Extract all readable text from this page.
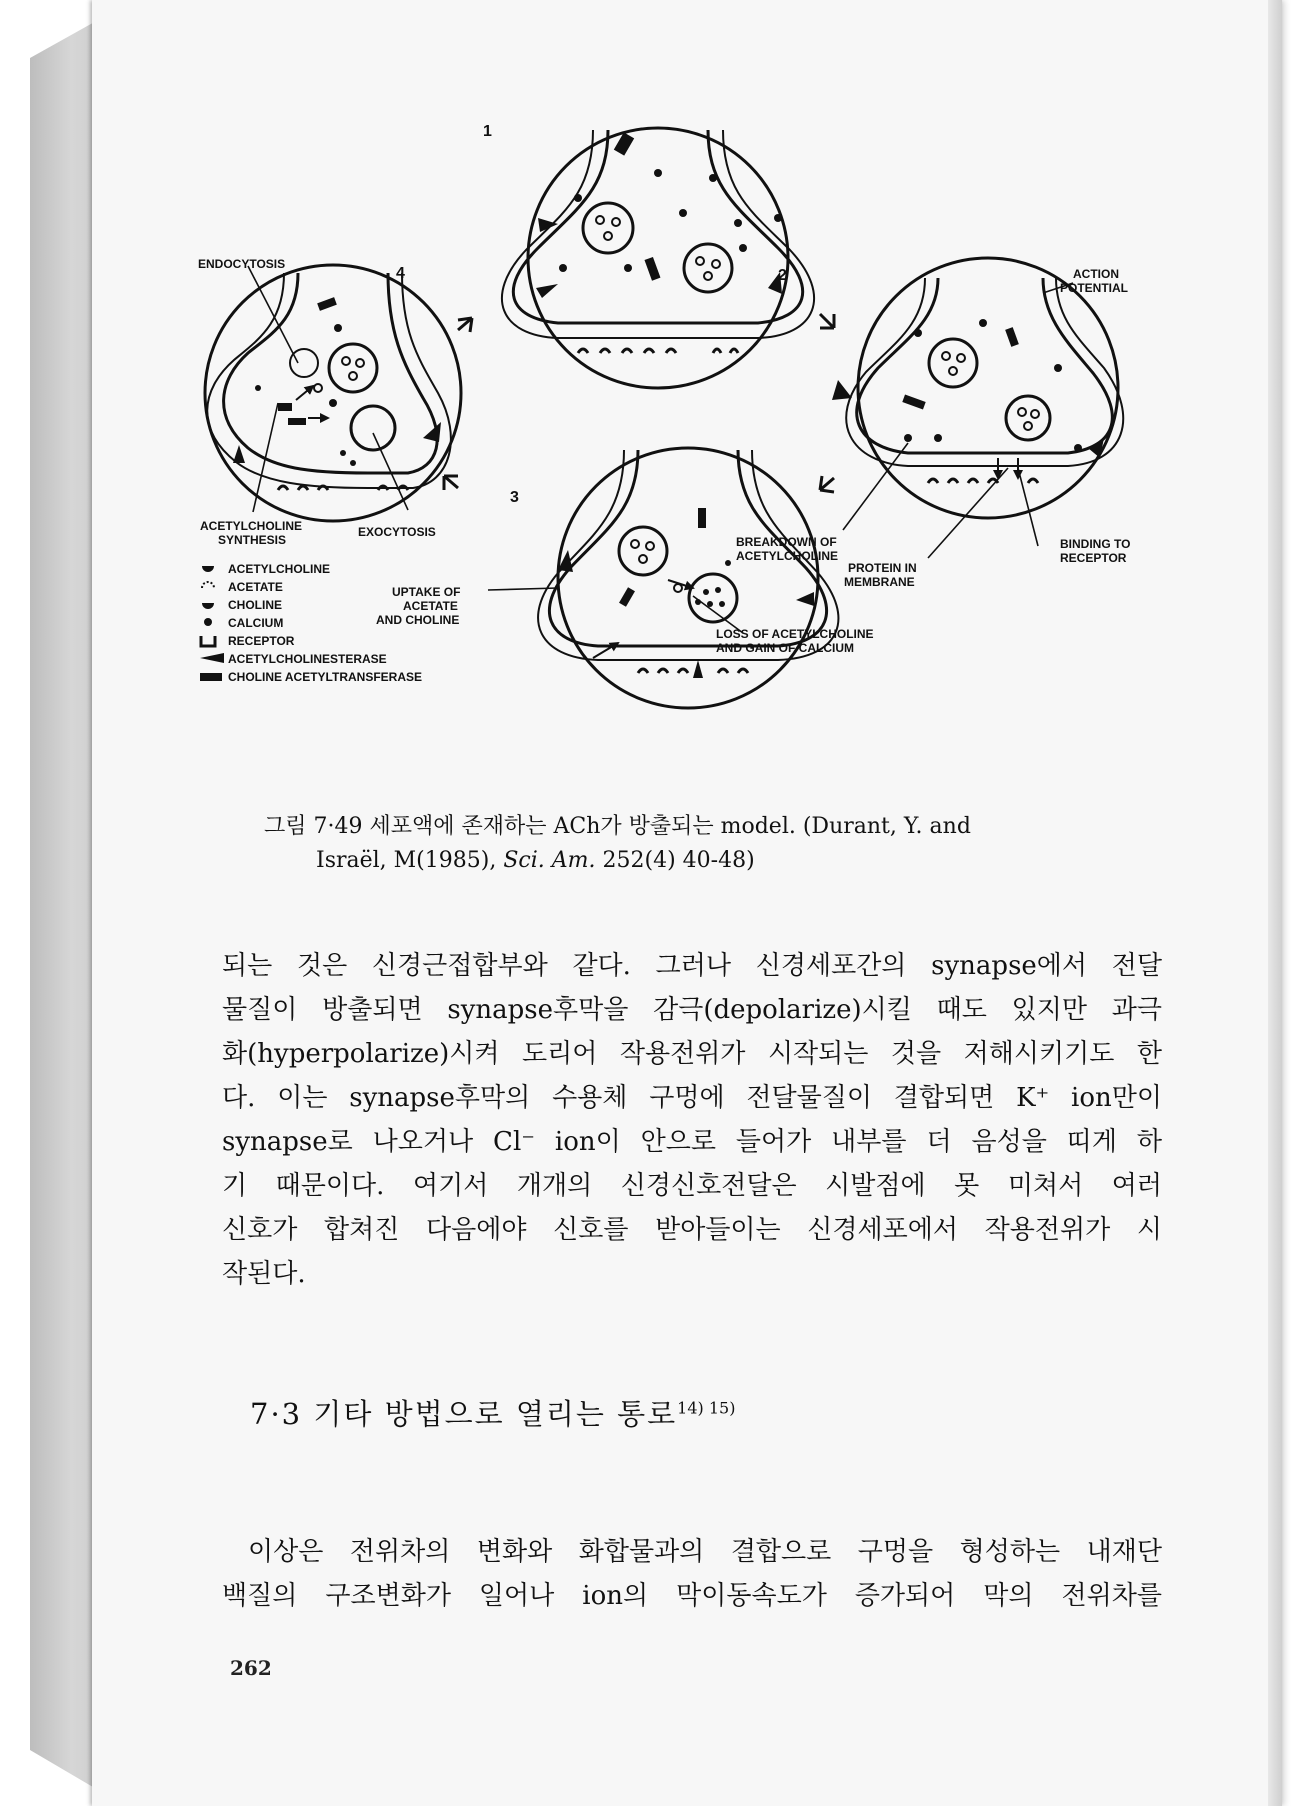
1
2
3
4
ENDOCYTOSIS
ACTION
POTENTIAL
ACETYLCHOLINE
SYNTHESIS
EXOCYTOSIS
BREAKDOWN OF
ACETYLCHOLINE
BINDING TO
RECEPTOR
PROTEIN IN
MEMBRANE
UPTAKE OF
ACETATE
AND CHOLINE
LOSS OF ACETYLCHOLINE
AND GAIN OF CALCIUM
ACETYLCHOLINE
ACETATE
CHOLINE
CALCIUM
RECEPTOR
ACETYLCHOLINESTERASE
CHOLINE ACETYLTRANSFERASE
그림 7·49 세포액에 존재하는 ACh가 방출되는 model. (Durant, Y. and
Israël, M(1985), Sci. Am. 252(4) 40-48)
되는 것은 신경근접합부와 같다. 그러나 신경세포간의 synapse에서 전달
물질이 방출되면 synapse후막을 감극(depolarize)시킬 때도 있지만 과극
화(hyperpolarize)시켜 도리어 작용전위가 시작되는 것을 저해시키기도 한
다. 이는 synapse후막의 수용체 구멍에 전달물질이 결합되면 K⁺ ion만이
synapse로 나오거나 Cl⁻ ion이 안으로 들어가 내부를 더 음성을 띠게 하
기 때문이다. 여기서 개개의 신경신호전달은 시발점에 못 미쳐서 여러
신호가 합쳐진 다음에야 신호를 받아들이는 신경세포에서 작용전위가 시
작된다.
7·3 기타 방법으로 열리는 통로$^{14) 15)}$
이상은 전위차의 변화와 화합물과의 결합으로 구멍을 형성하는 내재단
백질의 구조변화가 일어나 ion의 막이동속도가 증가되어 막의 전위차를
262
